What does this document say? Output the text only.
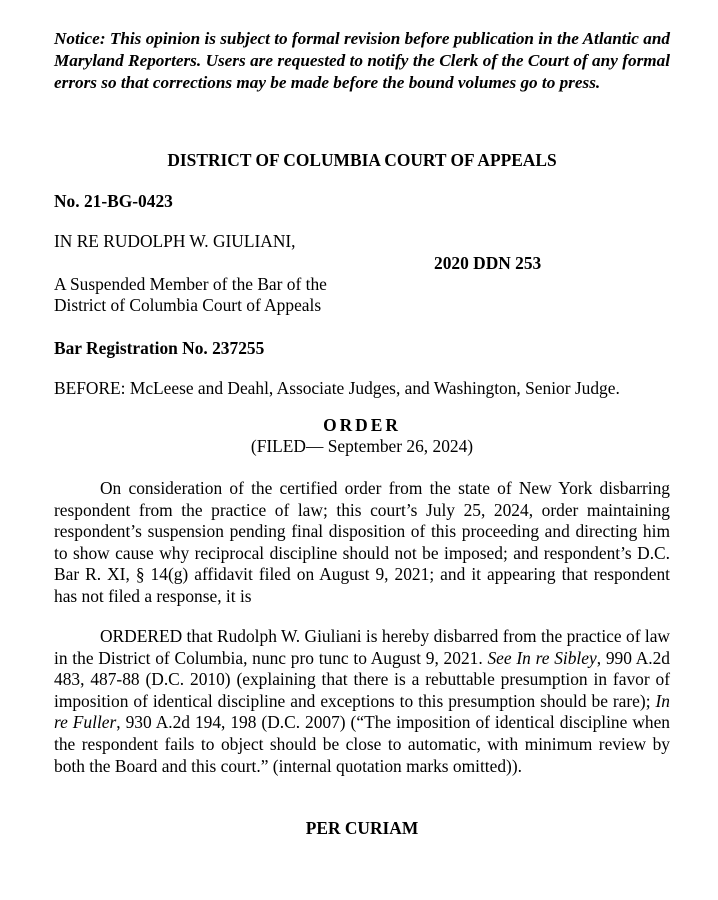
Notice: This opinion is subject to formal revision before publication in the Atlantic and Maryland Reporters. Users are requested to notify the Clerk of the Court of any formal errors so that corrections may be made before the bound volumes go to press.
DISTRICT OF COLUMBIA COURT OF APPEALS
No. 21-BG-0423
IN RE RUDOLPH W. GIULIANI,
2020 DDN 253
A Suspended Member of the Bar of the
District of Columbia Court of Appeals
Bar Registration No. 237255
BEFORE: McLeese and Deahl, Associate Judges, and Washington, Senior Judge.
ORDER
(FILED— September 26, 2024)

On consideration of the certified order from the state of New York disbarring respondent from the practice of law; this court’s July 25, 2024, order maintaining respondent’s suspension pending final disposition of this proceeding and directing him to show cause why reciprocal discipline should not be imposed; and respondent’s D.C. Bar R. XI, § 14(g) affidavit filed on August 9, 2021; and it appearing that respondent has not filed a response, it is

ORDERED that Rudolph W. Giuliani is hereby disbarred from the practice of law in the District of Columbia, nunc pro tunc to August 9, 2021. See In re Sibley, 990 A.2d 483, 487-88 (D.C. 2010) (explaining that there is a rebuttable presumption in favor of imposition of identical discipline and exceptions to this presumption should be rare); In re Fuller, 930 A.2d 194, 198 (D.C. 2007) (“The imposition of identical discipline when the respondent fails to object should be close to automatic, with minimum review by both the Board and this court.” (internal quotation marks omitted)).

PER CURIAM
